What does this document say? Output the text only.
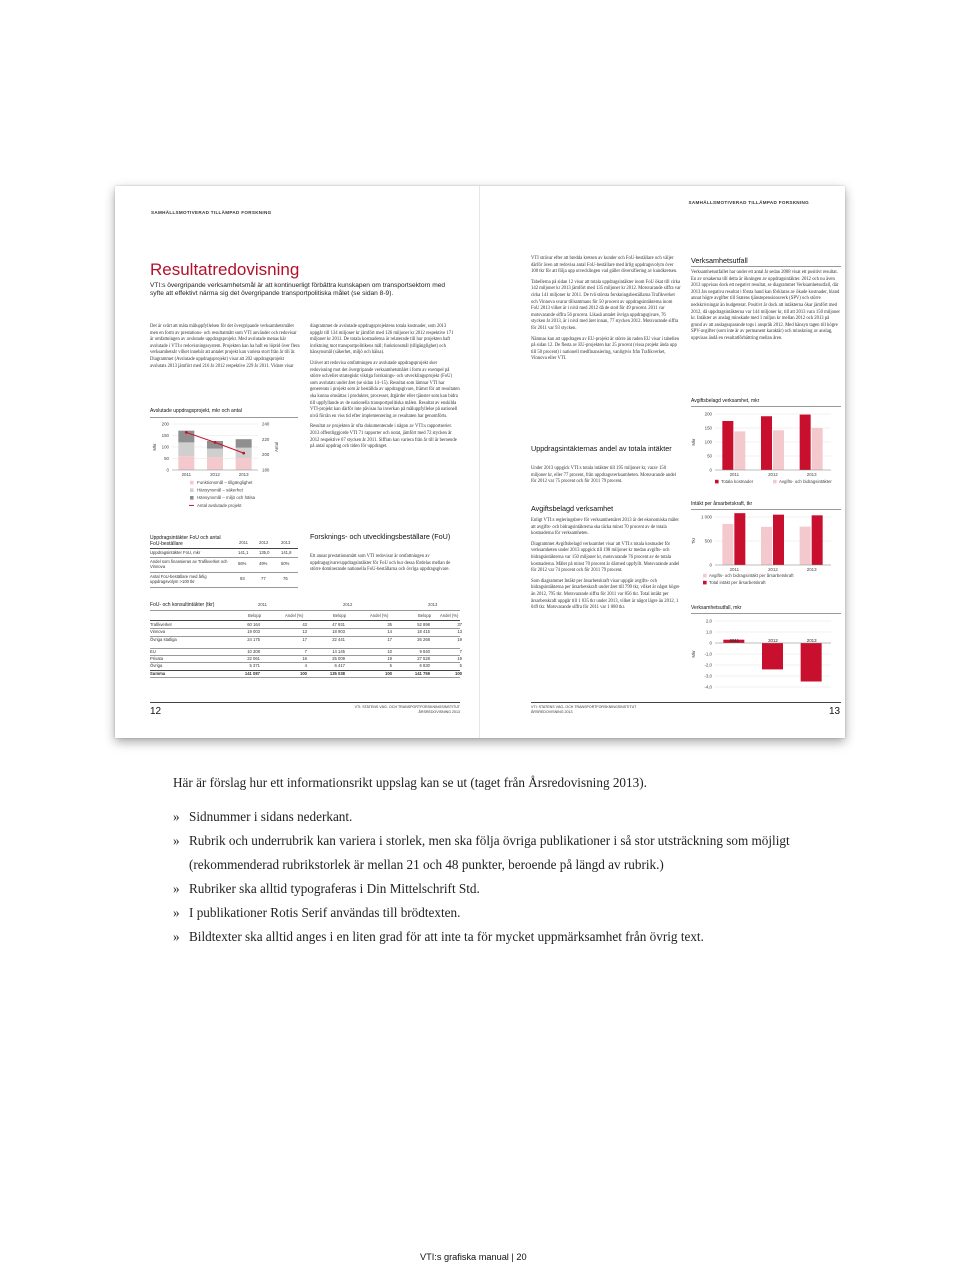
SAMHÄLLSMOTIVERAD TILLÄMPAD FORSKNING
SAMHÄLLSMOTIVERAD TILLÄMPAD FORSKNING
Resultatredovisning
VTI:s övergripande verksamhetsmål är att kontinuerligt förbättra kunskapen om transportsektorn med syfte att effektivt närma sig det övergripande transportpolitiska målet (se sidan 8-9).

Det är svårt att mäta måluppfyllelsen för det övergripande verksamhetsmålet men en form av prestations- och resultatmått som VTI använder och redovisar är omfattningen av avslutade uppdragsprojekt. Med avslutade menas här avslutade i VTI:s redovisningssystem. Projekten kan ha haft en löptid över flera verksamhetsår vilket innebär att antalet projekt kan variera stort från år till år. Diagrammet (Avslutade uppdragsprojekt) visar att 202 uppdragsprojekt avslutats 2013 jämfört med 216 år 2012 respektive 229 år 2011. Vidare visar

Avslutade uppdragsprojekt, mkr och antal
0
50
100
150
200
180
200
220
240
Mkr	Antal
2011	2012	2013
Funktionsmål – tillgänglighet
Hänsynsmål – säkerhet
Hänsynsmål – miljö och hälsa
Antal avslutade projekt
Uppdragsintäkter FoU och antal FoU-beställare	2011	2012	2013
Uppdragsintäkter FoU, mkr	141,1	135,0	141,8
Andel som finansieras av Trafikverket och Vinnova
56%	49%	50%
Antal FoU-beställare med årlig uppdragsvolym >100 tkr
93	77	76

diagrammet de avslutade uppdragsprojektens totala kostnader, som 2013 uppgår till 134 miljoner kr jämfört med 126 miljoner kr 2012 respektive 171 miljoner kr 2011. De totala kostnaderna är relaterade till hur projekten haft inriktning mot transportpolitikens mål; funktionsmål (tillgänglighet) och hänsynsmål (säkerhet, miljö och hälsa).

Utöver att redovisa omfattningen av avslutade uppdragsprojekt sker redovisning mot det övergripande verksamhetsmålet i form av exempel på större och/eller strategiskt viktiga forsknings- och utvecklingsprojekt (FoU) som avslutats under året (se sidan 14–15). Resultat som lämnar VTI har genererats i projekt som är beställda av uppdragsgivare, främst för att resultaten ska kunna omsättas i produkter, processer, åtgärder eller tjänster som kan bidra till uppfyllande av de nationella transportpolitiska målen. Resultat av enskilda VTI-projekt kan därför inte påvisas ha inverkan på måluppfyllelse på nationell nivå förrän en viss tid efter implementering av resultaten har genomförts.

Resultat av projekten är ofta dokumenterade i någon av VTI:s rapportserier. 2013 offentliggjorde VTI 71 rapporter och notat, jämfört med 72 stycken år 2012 respektive 67 stycken år 2011. Siffran kan variera från år till år beroende på antal uppdrag och tiden för uppdraget.

Forsknings- och utvecklingsbeställare (FoU)
Ett annat prestationsmått som VTI redovisar är omfattningen av uppdragsgivare/uppdragsintäkter för FoU och hur dessa fördelas mellan de större dominerande nationella FoU-beställarna och övriga uppdragsgivare.
FoU- och konsultintäkter (tkr)	2011	2012	2013
Belopp	Andel (%)	Belopp	Andel (%)	Belopp Andel (%)
Trafikverket	60 164	43	47 931	35	52 898	37
Vinnova	19 003	13	18 903	14	18 415	13
Övriga statliga	24 175	17	22 441	17	26 268	19
EU	10 308	7	14 145	10	9 840	7
Privata	22 061	16	25 009	19	27 528	19
Övriga	5 371	4	6 417	5	6 830	5
Summa	141 087	100	135 038	100	141 759	100
12	VTI: STATENS VÄG- OCH TRANSPORTFORSKNINGSINSTITUT ÅRSREDOVISNING 2013

VTI strävar efter att bredda kretsen av kunder och FoU-beställare och väljer därför även att redovisa antal FoU-beställare med årlig uppdragsvolym över 100 tkr för att följa upp utvecklingen vad gäller diversifiering av kundkretsen.

Tabellerna på sidan 12 visar att totala uppdragsintäkter inom FoU ökat till cirka 142 miljoner kr 2013 jämfört med 135 miljoner kr 2012. Motsvarande siffra var cirka 141 miljoner kr 2011. De två största forskningsbeställarna Trafikverket och Vinnova svarar tillsammans för 50 procent av uppdragsintäkterna inom FoU 2013 vilket är i nivå med 2012 då de stod för 49 procent. 2011 var motsvarande siffra 56 procent. Likaså antalet övriga uppdragsgivare, 76 stycken år 2013, är i nivå med året innan, 77 stycken 2012. Motsvarande siffra för 2011 var 93 stycken.

Nämnas kan att uppdragen av EU-projekt är större än raden EU visar i tabellen på sidan 12. De flesta av EU-projekten har 25 procent (vissa projekt ända upp till 50 procent) i nationell medfinansiering, vanligtvis från Trafikverket, Vinnova eller VTI.

Uppdragsintäkternas andel av totala intäkter
Under 2013 uppgick VTI:s totala intäkter till 195 miljoner kr, varav 150 miljoner kr, eller 77 procent, från uppdragsverksamheten. Motsvarande andel för 2012 var 75 procent och för 2011 79 procent.
Avgiftsbelagd verksamhet

Enligt VTI:s regleringsbrev för verksamhetsåret 2013 är det ekonomiska målet att avgifts- och bidragsintäkterna ska täcka minst 70 procent av de totala kostnaderna för verksamheten.

Diagrammet Avgiftsbelagd verksamhet visar att VTI:s totala kostnader för verksamheten under 2013 uppgick till 198 miljoner kr medan avgifts- och bidragsintäkterna var 150 miljoner kr, motsvarande 76 procent av de totala kostnaderna. Målet på minst 70 procent är därmed uppfyllt. Motsvarande andel för 2012 var 74 procent och för 2011 79 procent.

Som diagrammet Intäkt per årsarbetskraft visar uppgår avgifts- och bidragsintäkterna per årsarbetskraft under året till 799 tkr, vilket är något högre än 2012, 795 tkr. Motsvarande siffra för 2011 var 856 tkr. Total intäkt per årsarbetskraft uppgår till 1 035 tkr under 2013, vilket är något lägre än 2012, 1 049 tkr. Motsvarande siffra för 2011 var 1 080 tkr.

Verksamhetsutfall
Verksamhetsutfallet har under ett antal år sedan 2008 visat ett positivt resultat. En av orsakerna till detta är ökningen av uppdragsintäkter. 2012 och nu även 2013 uppvisas dock ett negativt resultat, se diagrammet Verksamhetsutfall, där 2013 års negativa resultat i första hand kan förklaras av ökade kostnader, bland annat högre avgifter till Statens tjänstepensionsverk (SPV) och större nedskrivningar än budgeterat. Positivt är dock att intäkterna ökar jämfört med 2012, då uppdragsintäkterna var 144 miljoner kr, till att 2013 vara 150 miljoner kr. Intäkter av anslag minskade med 1 miljon kr mellan 2012 och 2013 på grund av att anslagssparande togs i anspråk 2012. Med hänsyn tagen till högre SPV-avgifter (som inte är av permanent karaktär) och minskning av anslag, uppvisas ändå en resultatförbättring mellan åren.
Avgiftsbelagd verksamhet, mkr
0
50
100
150
200
Mkr
2011	2012	2013
Totala kostnader	Avgifts- och bidragsintäkter
Intäkt per årsarbetskraft, tkr
0
500
1 000
Tkr
2011	2012	2013
Avgifts- och bidragsintäkt per årsarbetskraft
Total intäkt per årsarbetskraft
Verksamhetsutfall, mkr
2,0
1,0
0
-1,0
-2,0
-3,0
-4,0
Mkr
2011	2012	2013
VTI: STATENS VÄG- OCH TRANSPORTFORSKNINGSINSTITUT ÅRSREDOVISNING 2013	13
Här är förslag hur ett informationsrikt uppslag kan se ut (taget från Årsredovisning 2013).
» Sidnummer i sidans nederkant.
» Rubrik och underrubrik kan variera i storlek, men ska följa övriga publikationer i så stor utsträckning som möjligt (rekommenderad rubrikstorlek är mellan 21 och 48 punkter, beroende på längd av rubrik.)
» Rubriker ska alltid typograferas i Din Mittelschrift Std.
» I publikationer Rotis Serif användas till brödtexten.
» Bildtexter ska alltid anges i en liten grad för att inte ta för mycket uppmärksamhet från övrig text.
VTI:s grafiska manual | 20
